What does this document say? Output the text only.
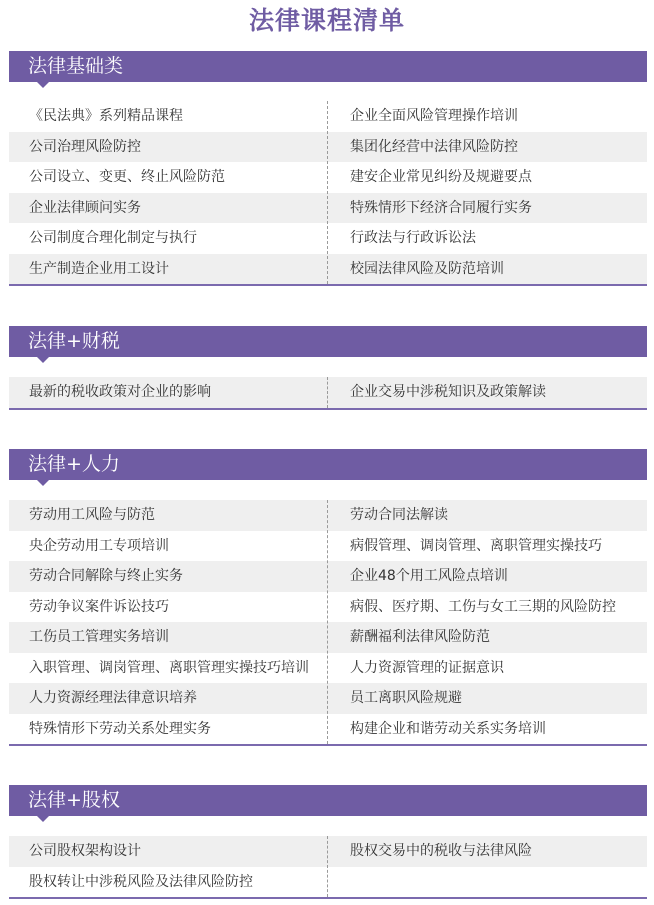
法律课程清单
法律基础类
《民法典》系列精品课程	企业全面风险管理操作培训
公司治理风险防控	集团化经营中法律风险防控
公司设立、变更、终止风险防范	建安企业常见纠纷及规避要点
企业法律顾问实务	特殊情形下经济合同履行实务
公司制度合理化制定与执行	行政法与行政诉讼法
生产制造企业用工设计	校园法律风险及防范培训
法律+财税
最新的税收政策对企业的影响	企业交易中涉税知识及政策解读
法律+人力
劳动用工风险与防范	劳动合同法解读
央企劳动用工专项培训	病假管理、调岗管理、离职管理实操技巧
劳动合同解除与终止实务	企业48个用工风险点培训
劳动争议案件诉讼技巧	病假、医疗期、工伤与女工三期的风险防控
工伤员工管理实务培训	薪酬福利法律风险防范
入职管理、调岗管理、离职管理实操技巧培训	人力资源管理的证据意识
人力资源经理法律意识培养	员工离职风险规避
特殊情形下劳动关系处理实务	构建企业和谐劳动关系实务培训
法律+股权
公司股权架构设计	股权交易中的税收与法律风险
股权转让中涉税风险及法律风险防控
